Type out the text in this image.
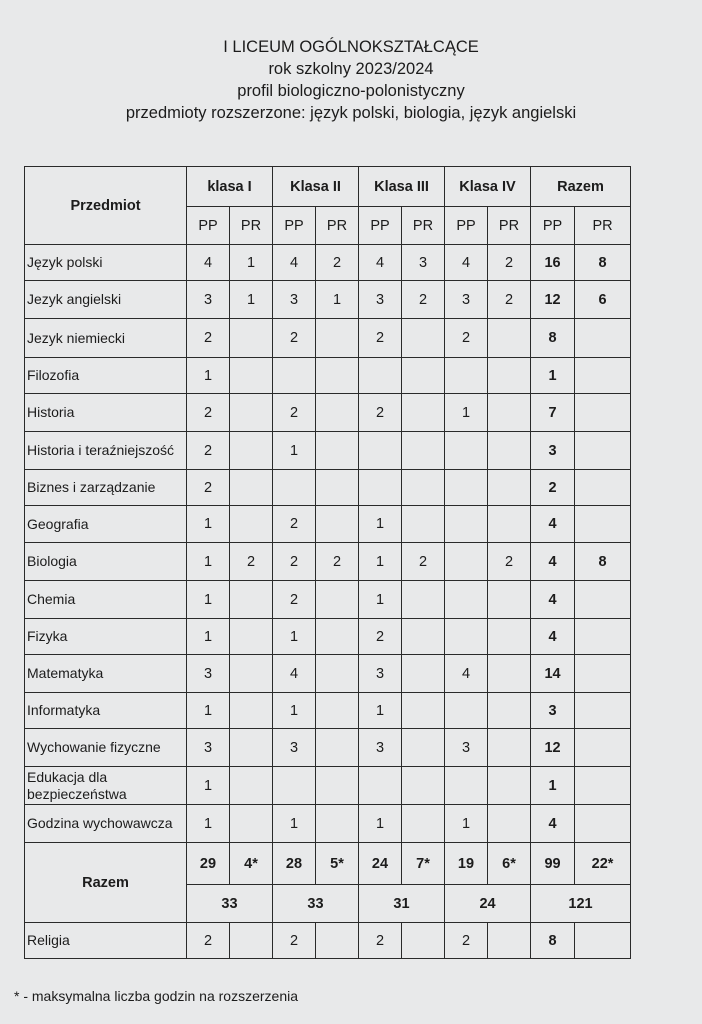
I LICEUM OGÓLNOKSZTAŁCĄCE
rok szkolny 2023/2024
profil biologiczno-polonistyczny
przedmioty rozszerzone: język polski, biologia, język angielski
Przedmiot	klasa I		Klasa II		Klasa III		Klasa IV		Razem	
	PP	PR	PP	PR	PP	PR	PP	PR	PP	PR
Język polski	4	1	4	2	4	3	4	2	16	8
Jezyk angielski	3	1	3	1	3	2	3	2	12	6
Jezyk niemiecki	2		2		2		2		8	
Filozofia	1								1	
Historia	2		2		2		1		7	
Historia i teraźniejszość	2		1						3	
Biznes i zarządzanie	2								2	
Geografia	1		2		1				4	
Biologia	1	2	2	2	1	2		2	4	8
Chemia	1		2		1				4	
Fizyka	1		1		2				4	
Matematyka	3		4		3		4		14	
Informatyka	1		1		1				3	
Wychowanie fizyczne	3		3		3		3		12	
Edukacja dla bezpieczeństwa	1								1	
Godzina wychowawcza	1		1		1		1		4	
Razem	29	4*	28	5*	24	7*	19	6*	99	22*
	33		33		31		24		121	
Religia	2		2		2		2		8	
* - maksymalna liczba godzin na rozszerzenia
